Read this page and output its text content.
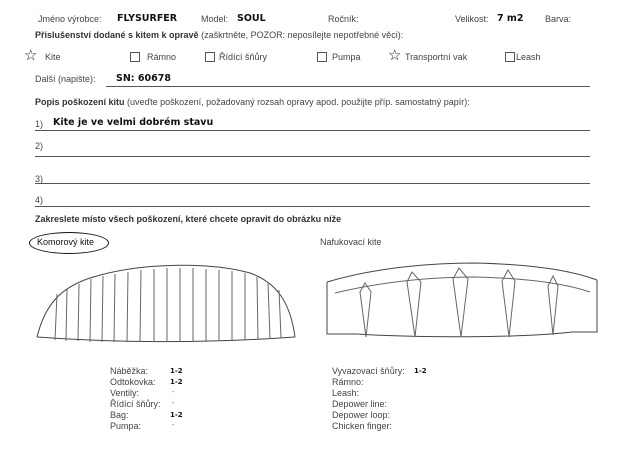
Jméno výrobce: FLYSURFER	Model: SOUL	Ročník:	Velikost: 7 m2 Barva:
Příslušenství dodané s kitem k opravě (zaškrtněte, POZOR: neposílejte nepotřebné věci):
☆ Kite	Rámno	Řídící šňůry	Pumpa ☆ Transportní vak	Leash
Další (napište): SN: 60678
Popis poškození kitu (uveďte poškození, požadovaný rozsah opravy apod. použijte příp. samostatný papír):
1) Kite je ve velmi dobrém stavu
2)
3)
4)
Zakreslete místo všech poškození, které chcete opravit do obrázku níže
Komorový kite	Nafukovací kite
Náběžka:	1-2
Odtokovka: 1-2
Ventily:	-
Řídící šňůry: -
Bag:	1-2
Pumpa:	-
Vyvazovací šňůry: 1-2
Rámno:
Leash:
Depower line:
Depower loop:
Chicken finger:
